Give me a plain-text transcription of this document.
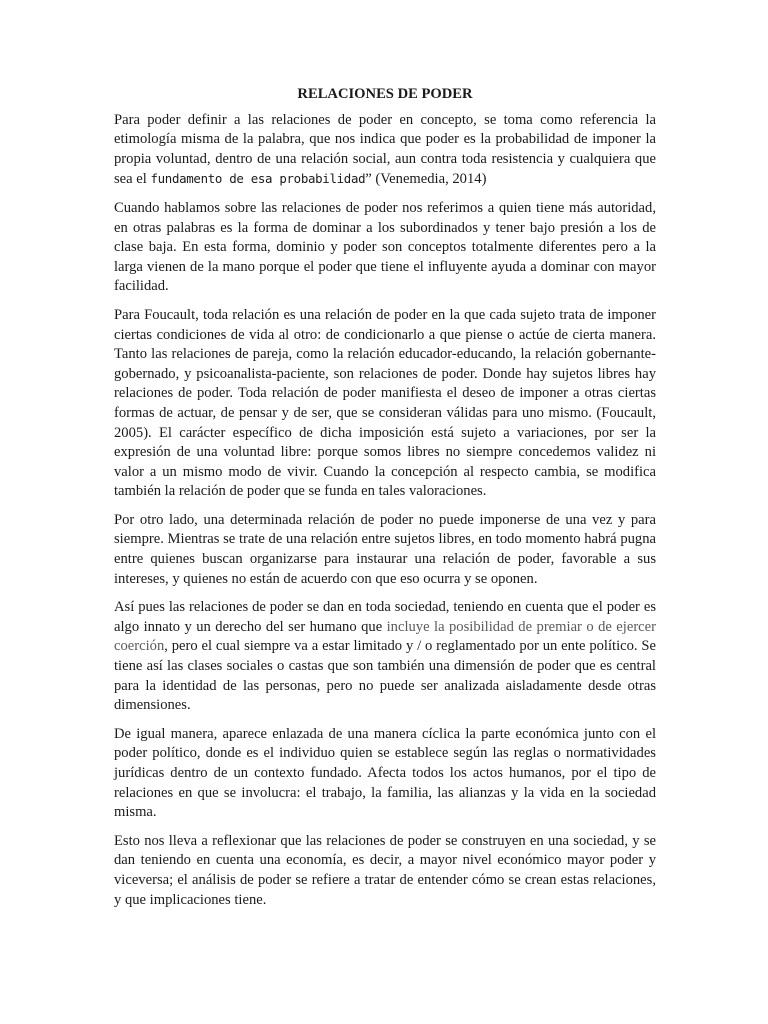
RELACIONES DE PODER

Para poder definir a las relaciones de poder en concepto, se toma como referencia la etimología misma de la palabra, que nos indica que poder es la probabilidad de imponer la propia voluntad, dentro de una relación social, aun contra toda resistencia y cualquiera que sea el fundamento de esa probabilidad” (Venemedia, 2014)

Cuando hablamos sobre las relaciones de poder nos referimos a quien tiene más autoridad, en otras palabras es la forma de dominar a los subordinados y tener bajo presión a los de clase baja. En esta forma, dominio y poder son conceptos totalmente diferentes pero a la larga vienen de la mano porque el poder que tiene el influyente ayuda a dominar con mayor facilidad.

Para Foucault, toda relación es una relación de poder en la que cada sujeto trata de imponer ciertas condiciones de vida al otro: de condicionarlo a que piense o actúe de cierta manera. Tanto las relaciones de pareja, como la relación educador-educando, la relación gobernante-gobernado, y psicoanalista-paciente, son relaciones de poder. Donde hay sujetos libres hay relaciones de poder. Toda relación de poder manifiesta el deseo de imponer a otras ciertas formas de actuar, de pensar y de ser, que se consideran válidas para uno mismo. (Foucault, 2005). El carácter específico de dicha imposición está sujeto a variaciones, por ser la expresión de una voluntad libre: porque somos libres no siempre concedemos validez ni valor a un mismo modo de vivir. Cuando la concepción al respecto cambia, se modifica también la relación de poder que se funda en tales valoraciones.

Por otro lado, una determinada relación de poder no puede imponerse de una vez y para siempre. Mientras se trate de una relación entre sujetos libres, en todo momento habrá pugna entre quienes buscan organizarse para instaurar una relación de poder, favorable a sus intereses, y quienes no están de acuerdo con que eso ocurra y se oponen.

Así pues las relaciones de poder se dan en toda sociedad, teniendo en cuenta que el poder es algo innato y un derecho del ser humano que incluye la posibilidad de premiar o de ejercer coerción, pero el cual siempre va a estar limitado y / o reglamentado por un ente político. Se tiene así las clases sociales o castas que son también una dimensión de poder que es central para la identidad de las personas, pero no puede ser analizada aisladamente desde otras dimensiones.

De igual manera, aparece enlazada de una manera cíclica la parte económica junto con el poder político, donde es el individuo quien se establece según las reglas o normatividades jurídicas dentro de un contexto fundado. Afecta todos los actos humanos, por el tipo de relaciones en que se involucra: el trabajo, la familia, las alianzas y la vida en la sociedad misma.

Esto nos lleva a reflexionar que las relaciones de poder se construyen en una sociedad, y se dan teniendo en cuenta una economía, es decir, a mayor nivel económico mayor poder y viceversa; el análisis de poder se refiere a tratar de entender cómo se crean estas relaciones, y que implicaciones tiene.
